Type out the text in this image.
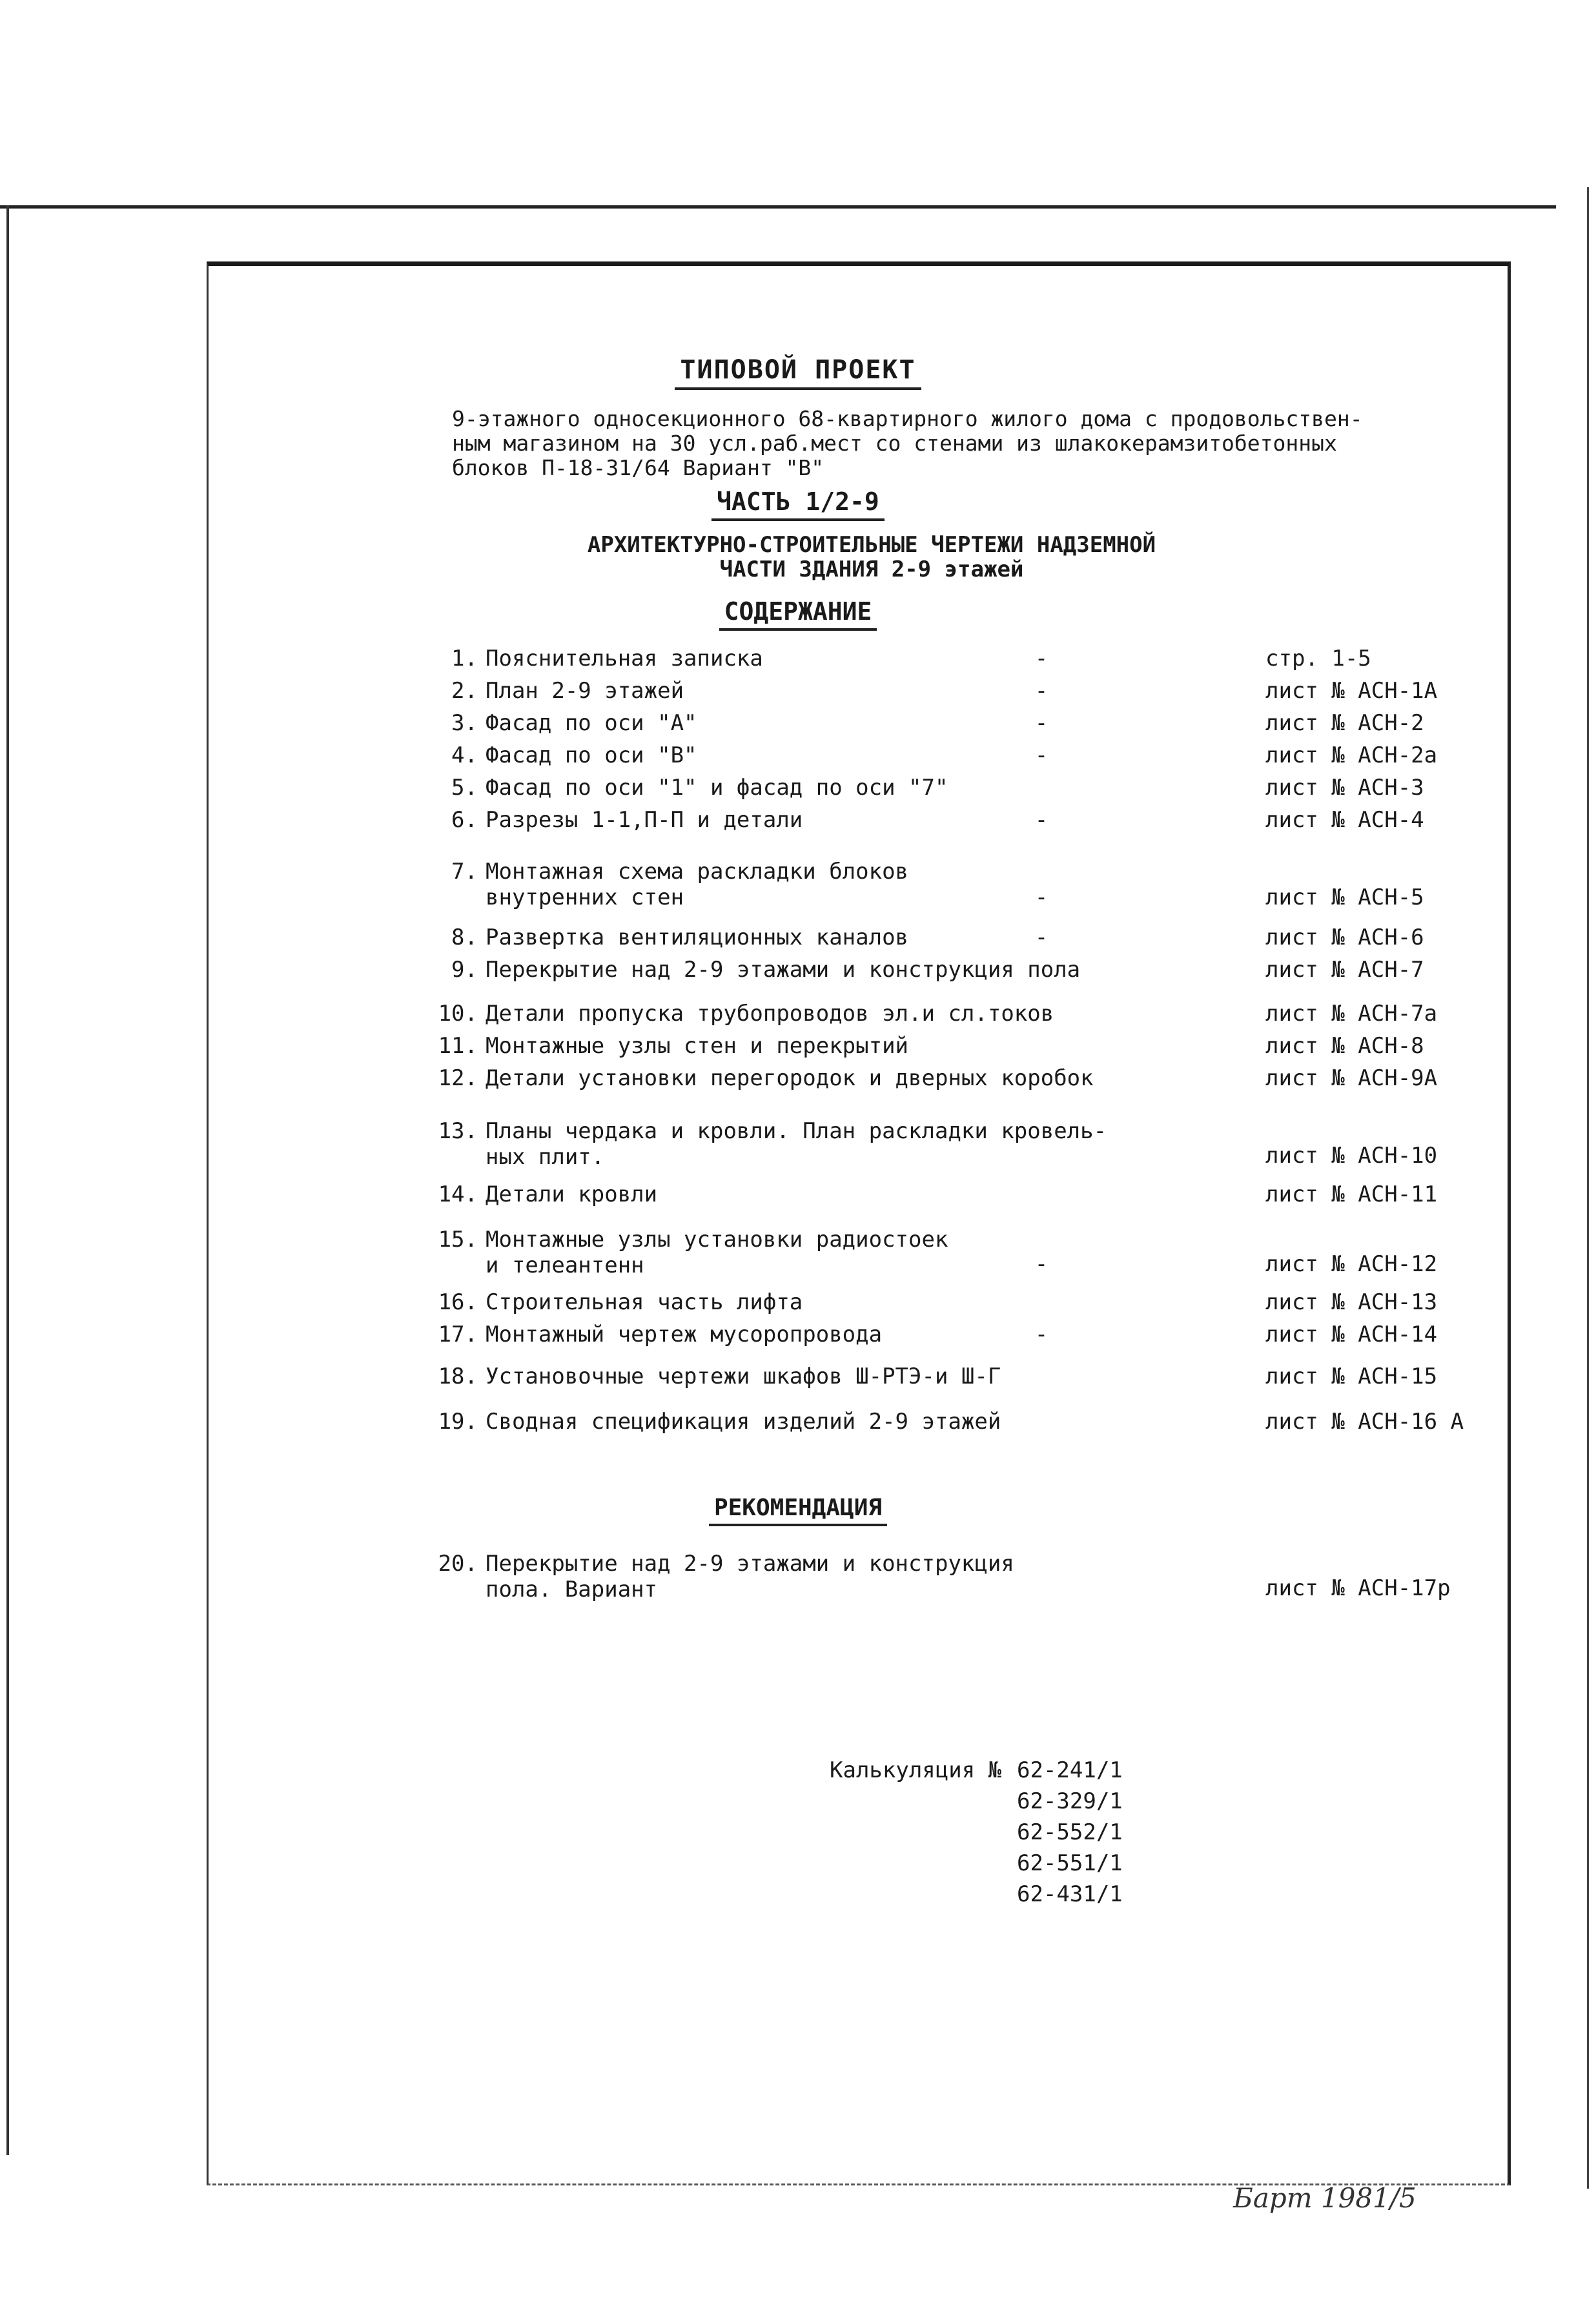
ТИПОВОЙ ПРОЕКТ
9-этажного односекционного 68-квартирного жилого дома с продовольствен-
ным магазином на 30 усл.раб.мест со стенами из шлакокерамзитобетонных
блоков П-18-31/64 Вариант "В"
ЧАСТЬ 1/2-9
АРХИТЕКТУРНО-СТРОИТЕЛЬНЫЕ ЧЕРТЕЖИ НАДЗЕМНОЙ
ЧАСТИ ЗДАНИЯ 2-9 этажей
СОДЕРЖАНИЕ
1. Пояснительная записка	-	стр. 1-5
2. План 2-9 этажей	-	лист № АСН-1А
3. Фасад по оси "А"	-	лист № АСН-2
4. Фасад по оси "В"	-	лист № АСН-2а
5. Фасад по оси "1" и фасад по оси "7"	лист № АСН-3
6. Разрезы 1-1,П-П и детали	-	лист № АСН-4
7. Монтажная схема раскладки блоков
внутренних стен	-	лист № АСН-5
8. Развертка вентиляционных каналов	-	лист № АСН-6
9. Перекрытие над 2-9 этажами и конструкция пола	лист № АСН-7
10. Детали пропуска трубопроводов эл.и сл.токов	лист № АСН-7а
11. Монтажные узлы стен и перекрытий	лист № АСН-8
12. Детали установки перегородок и дверных коробок	лист № АСН-9А
13. Планы чердака и кровли. План раскладки кровель-
ных плит.	лист № АСН-10
14. Детали кровли	лист № АСН-11
15. Монтажные узлы установки радиостоек
и телеантенн	-	лист № АСН-12
16. Строительная часть лифта	лист № АСН-13
17. Монтажный чертеж мусоропровода	-	лист № АСН-14
18. Установочные чертежи шкафов Ш-РТЭ-и Ш-Г	лист № АСН-15
19. Сводная спецификация изделий 2-9 этажей	лист № АСН-16 А
РЕКОМЕНДАЦИЯ
20. Перекрытие над 2-9 этажами и конструкция
пола. Вариант	лист № АСН-17р
Калькуляция № 62-241/1
62-329/1
62-552/1
62-551/1
62-431/1
Барт 1981/5
